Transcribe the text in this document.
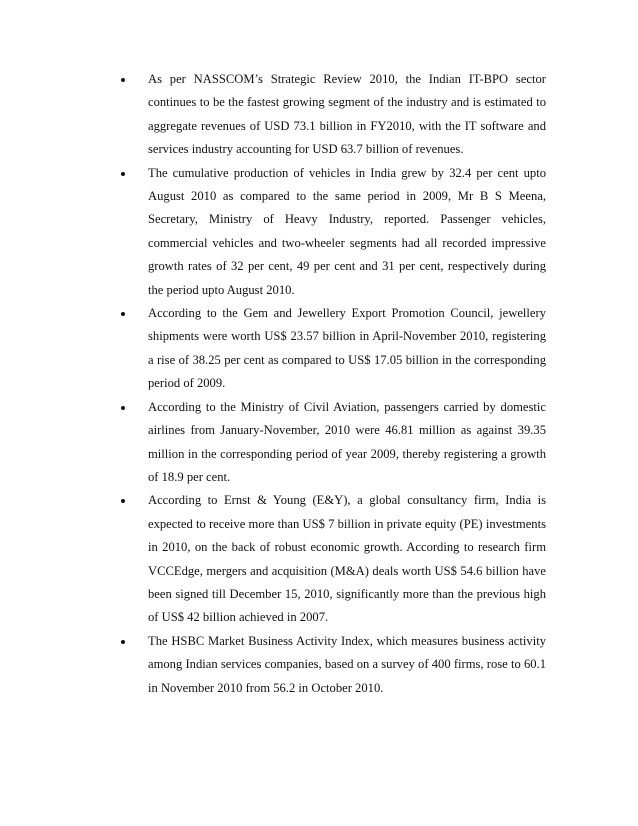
As per NASSCOM’s Strategic Review 2010, the Indian IT-BPO sector continues to be the fastest growing segment of the industry and is estimated to aggregate revenues of USD 73.1 billion in FY2010, with the IT software and services industry accounting for USD 63.7 billion of revenues.
The cumulative production of vehicles in India grew by 32.4 per cent upto August 2010 as compared to the same period in 2009, Mr B S Meena, Secretary, Ministry of Heavy Industry, reported. Passenger vehicles, commercial vehicles and two-wheeler segments had all recorded impressive growth rates of 32 per cent, 49 per cent and 31 per cent, respectively during the period upto August 2010.
According to the Gem and Jewellery Export Promotion Council, jewellery shipments were worth US$ 23.57 billion in April-November 2010, registering a rise of 38.25 per cent as compared to US$ 17.05 billion in the corresponding period of 2009.
According to the Ministry of Civil Aviation, passengers carried by domestic airlines from January-November, 2010 were 46.81 million as against 39.35 million in the corresponding period of year 2009, thereby registering a growth of 18.9 per cent.
According to Ernst & Young (E&Y), a global consultancy firm, India is expected to receive more than US$ 7 billion in private equity (PE) investments in 2010, on the back of robust economic growth. According to research firm VCCEdge, mergers and acquisition (M&A) deals worth US$ 54.6 billion have been signed till December 15, 2010, significantly more than the previous high of US$ 42 billion achieved in 2007.
The HSBC Market Business Activity Index, which measures business activity among Indian services companies, based on a survey of 400 firms, rose to 60.1 in November 2010 from 56.2 in October 2010.
